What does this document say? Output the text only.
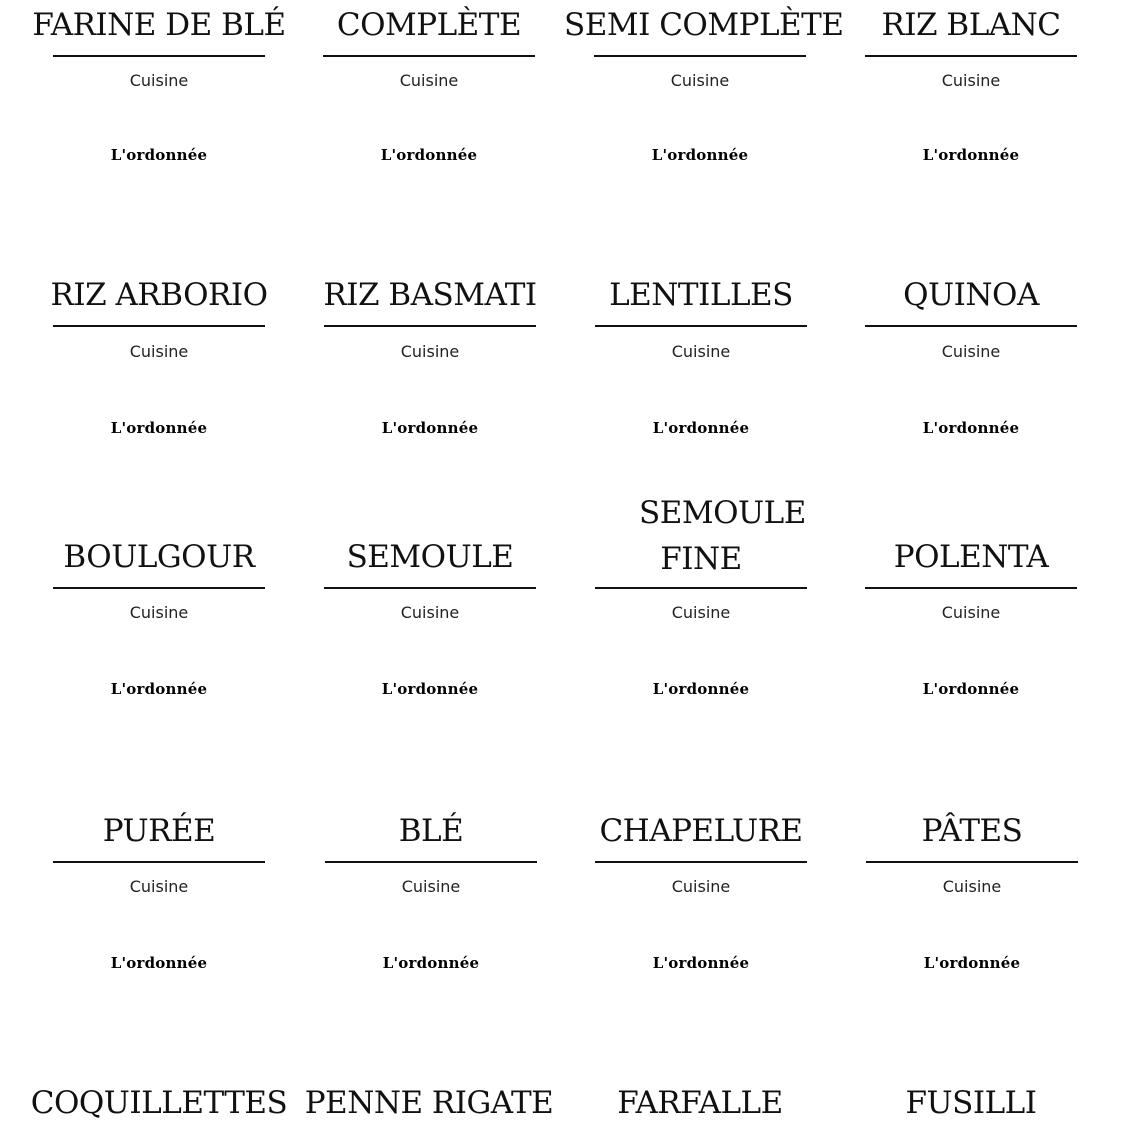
FARINE DE BLÉ
Cuisine
L'ordonnée
COMPLÈTE
Cuisine
L'ordonnée
SEMI COMPLÈTE
Cuisine
L'ordonnée
RIZ BLANC
Cuisine
L'ordonnée
RIZ ARBORIO
Cuisine
L'ordonnée
RIZ BASMATI
Cuisine
L'ordonnée
LENTILLES
Cuisine
L'ordonnée
QUINOA
Cuisine
L'ordonnée
BOULGOUR
Cuisine
L'ordonnée
SEMOULE
Cuisine
L'ordonnée
SEMOULE FINE
Cuisine
L'ordonnée
POLENTA
Cuisine
L'ordonnée
PURÉE
Cuisine
L'ordonnée
BLÉ
Cuisine
L'ordonnée
CHAPELURE
Cuisine
L'ordonnée
PÂTES
Cuisine
L'ordonnée
COQUILLETTES PENNE RIGATE	FARFALLE	FUSILLI
